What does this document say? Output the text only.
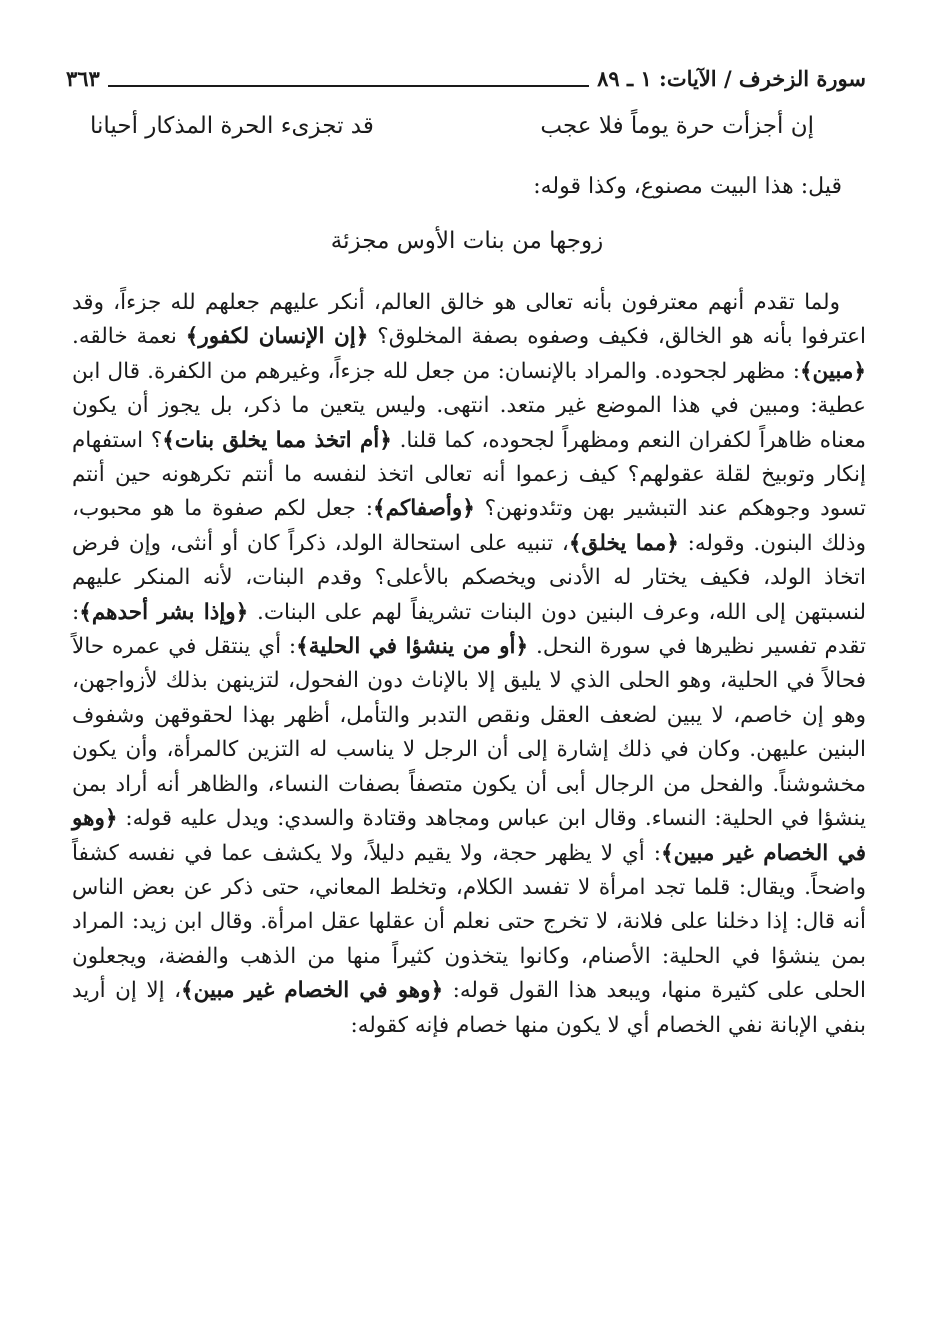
سورة الزخرف / الآيات: ١ ـ ٨٩
٣٦٣
إن أجزأت حرة يوماً فلا عجب
قد تجزىء الحرة المذكار أحيانا
قيل: هذا البيت مصنوع، وكذا قوله:
زوجها من بنات الأوس مجزئة

ولما تقدم أنهم معترفون بأنه تعالى هو خالق العالم، أنكر عليهم جعلهم لله جزءاً، وقد اعترفوا بأنه هو الخالق، فكيف وصفوه بصفة المخلوق؟ ﴿إن الإنسان لكفور﴾ نعمة خالقه. ﴿مبين﴾: مظهر لجحوده. والمراد بالإنسان: من جعل لله جزءاً، وغيرهم من الكفرة. قال ابن عطية: ومبين في هذا الموضع غير متعد. انتهى. وليس يتعين ما ذكر، بل يجوز أن يكون معناه ظاهراً لكفران النعم ومظهراً لجحوده، كما قلنا. ﴿أم اتخذ مما يخلق بنات﴾؟ استفهام إنكار وتوبيخ لقلة عقولهم؟ كيف زعموا أنه تعالى اتخذ لنفسه ما أنتم تكرهونه حين أنتم تسود وجوهكم عند التبشير بهن وتئدونهن؟ ﴿وأصفاكم﴾: جعل لكم صفوة ما هو محبوب، وذلك البنون. وقوله: ﴿مما يخلق﴾، تنبيه على استحالة الولد، ذكراً كان أو أنثى، وإن فرض اتخاذ الولد، فكيف يختار له الأدنى ويخصكم بالأعلى؟ وقدم البنات، لأنه المنكر عليهم لنسبتهن إلى الله، وعرف البنين دون البنات تشريفاً لهم على البنات. ﴿وإذا بشر أحدهم﴾: تقدم تفسير نظيرها في سورة النحل. ﴿أو من ينشؤا في الحلية﴾: أي ينتقل في عمره حالاً فحالاً في الحلية، وهو الحلى الذي لا يليق إلا بالإناث دون الفحول، لتزينهن بذلك لأزواجهن، وهو إن خاصم، لا يبين لضعف العقل ونقص التدبر والتأمل، أظهر بهذا لحقوقهن وشفوف البنين عليهن. وكان في ذلك إشارة إلى أن الرجل لا يناسب له التزين كالمرأة، وأن يكون مخشوشناً. والفحل من الرجال أبى أن يكون متصفاً بصفات النساء، والظاهر أنه أراد بمن ينشؤا في الحلية: النساء. وقال ابن عباس ومجاهد وقتادة والسدي: ويدل عليه قوله: ﴿وهو في الخصام غير مبين﴾: أي لا يظهر حجة، ولا يقيم دليلاً، ولا يكشف عما في نفسه كشفاً واضحاً. ويقال: قلما تجد امرأة لا تفسد الكلام، وتخلط المعاني، حتى ذكر عن بعض الناس أنه قال: إذا دخلنا على فلانة، لا تخرج حتى نعلم أن عقلها عقل امرأة. وقال ابن زيد: المراد بمن ينشؤا في الحلية: الأصنام، وكانوا يتخذون كثيراً منها من الذهب والفضة، ويجعلون الحلى على كثيرة منها، ويبعد هذا القول قوله: ﴿وهو في الخصام غير مبين﴾، إلا إن أريد بنفي الإبانة نفي الخصام أي لا يكون منها خصام فإنه كقوله:
